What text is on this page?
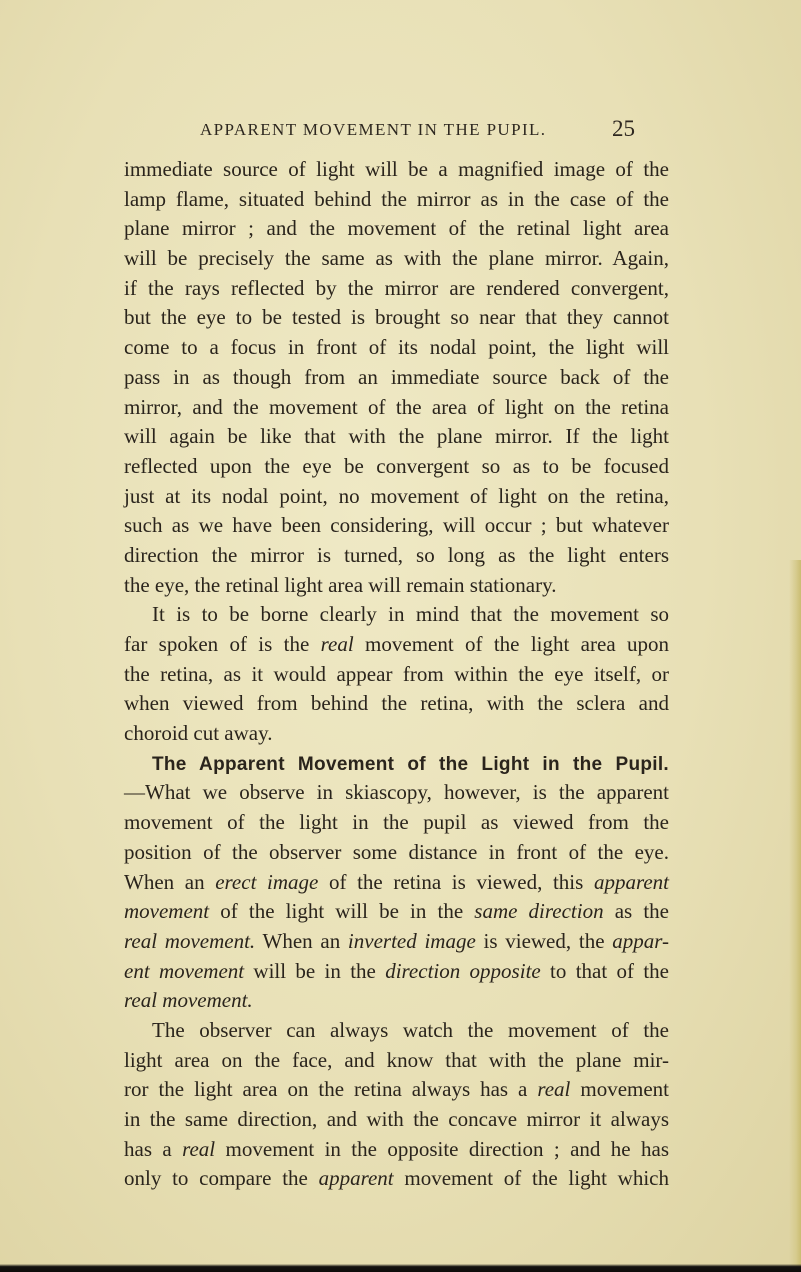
APPARENT MOVEMENT IN THE PUPIL.	25
immediate source of light will be a magnified image of the
lamp flame, situated behind the mirror as in the case of the
plane mirror ; and the movement of the retinal light area
will be precisely the same as with the plane mirror. Again,
if the rays reflected by the mirror are rendered convergent,
but the eye to be tested is brought so near that they cannot
come to a focus in front of its nodal point, the light will
pass in as though from an immediate source back of the
mirror, and the movement of the area of light on the retina
will again be like that with the plane mirror. If the light
reflected upon the eye be convergent so as to be focused
just at its nodal point, no movement of light on the retina,
such as we have been considering, will occur ; but whatever
direction the mirror is turned, so long as the light enters
the eye, the retinal light area will remain stationary.
It is to be borne clearly in mind that the movement so
far spoken of is the real movement of the light area upon
the retina, as it would appear from within the eye itself, or
when viewed from behind the retina, with the sclera and
choroid cut away.
The Apparent Movement of the Light in the Pupil.
—What we observe in skiascopy, however, is the apparent
movement of the light in the pupil as viewed from the
position of the observer some distance in front of the eye.
When an erect image of the retina is viewed, this apparent
movement of the light will be in the same direction as the
real movement. When an inverted image is viewed, the appar-
ent movement will be in the direction opposite to that of the
real movement.
The observer can always watch the movement of the
light area on the face, and know that with the plane mir-
ror the light area on the retina always has a real movement
in the same direction, and with the concave mirror it always
has a real movement in the opposite direction ; and he has
only to compare the apparent movement of the light which
